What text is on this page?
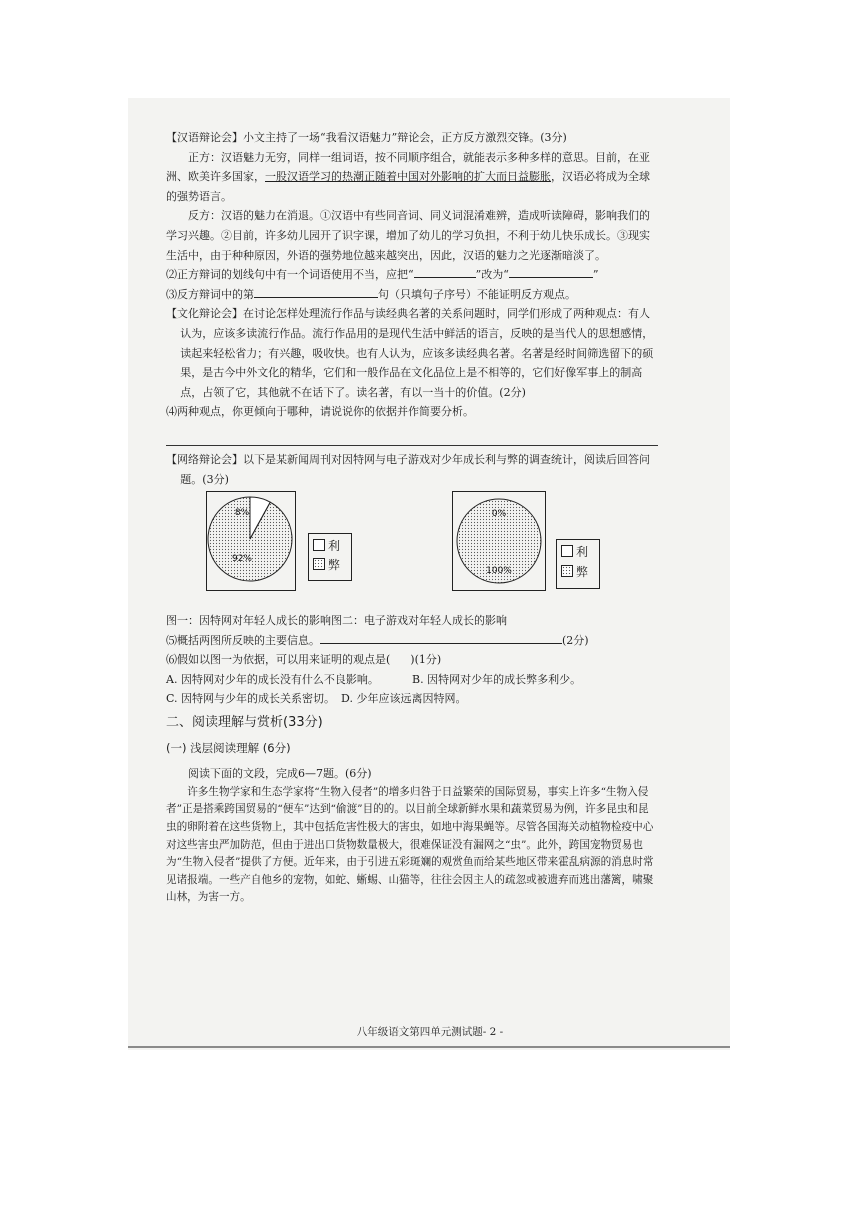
【汉语辩论会】小文主持了一场“我看汉语魅力”辩论会，正方反方激烈交锋。(3分)

正方：汉语魅力无穷，同样一组词语，按不同顺序组合，就能表示多种多样的意思。目前，在亚洲、欧美许多国家，一股汉语学习的热潮正随着中国对外影响的扩大而日益膨胀，汉语必将成为全球的强势语言。

反方：汉语的魅力在消退。①汉语中有些同音词、同义词混淆难辨，造成听读障碍，影响我们的学习兴趣。②目前，许多幼儿园开了识字课，增加了幼儿的学习负担，不利于幼儿快乐成长。③现实生活中，由于种种原因，外语的强势地位越来越突出，因此，汉语的魅力之光逐渐暗淡了。

⑵正方辩词的划线句中有一个词语使用不当，应把“	”改为“	”

⑶反方辩词中的第	句（只填句子序号）不能证明反方观点。

【文化辩论会】在讨论怎样处理流行作品与读经典名著的关系问题时，同学们形成了两种观点：有人认为，应该多读流行作品。流行作品用的是现代生活中鲜活的语言，反映的是当代人的思想感情，读起来轻松省力；有兴趣，吸收快。也有人认为，应该多读经典名著。名著是经时间筛选留下的硕果，是古今中外文化的精华，它们和一般作品在文化品位上是不相等的，它们好像军事上的制高点，占领了它，其他就不在话下了。读名著，有以一当十的价值。(2分)

⑷两种观点，你更倾向于哪种，请说说你的依据并作简要分析。

【网络辩论会】以下是某新闻周刊对因特网与电子游戏对少年成长利与弊的调查统计，阅读后回答问题。(3分)

8%
92%
利
弊
0%
100%
利
弊

图一：因特网对年轻人成长的影响图二：电子游戏对年轻人成长的影响

⑸概括两图所反映的主要信息。	(2分)

⑹假如以图一为依据，可以用来证明的观点是( )(1分)

A. 因特网对少年的成长没有什么不良影响。	B. 因特网对少年的成长弊多利少。
C. 因特网与少年的成长关系密切。 D. 少年应该远离因特网。

二、阅读理解与赏析(33分)

(一) 浅层阅读理解 (6分)

阅读下面的文段，完成6—7题。(6分)

许多生物学家和生态学家将“生物入侵者”的增多归咎于日益繁荣的国际贸易，事实上许多“生物入侵者”正是搭乘跨国贸易的“便车”达到“偷渡”目的的。以目前全球新鲜水果和蔬菜贸易为例，许多昆虫和昆虫的卵附着在这些货物上，其中包括危害性极大的害虫，如地中海果蝇等。尽管各国海关动植物检疫中心对这些害虫严加防范，但由于进出口货物数量极大，很难保证没有漏网之“虫”。此外，跨国宠物贸易也为“生物入侵者”提供了方便。近年来，由于引进五彩斑斓的观赏鱼而给某些地区带来霍乱病源的消息时常见诸报端。一些产自他乡的宠物，如蛇、蜥蜴、山猫等，往往会因主人的疏忽或被遗弃而逃出藩篱，啸聚山林，为害一方。

八年级语文第四单元测试题- 2 -
